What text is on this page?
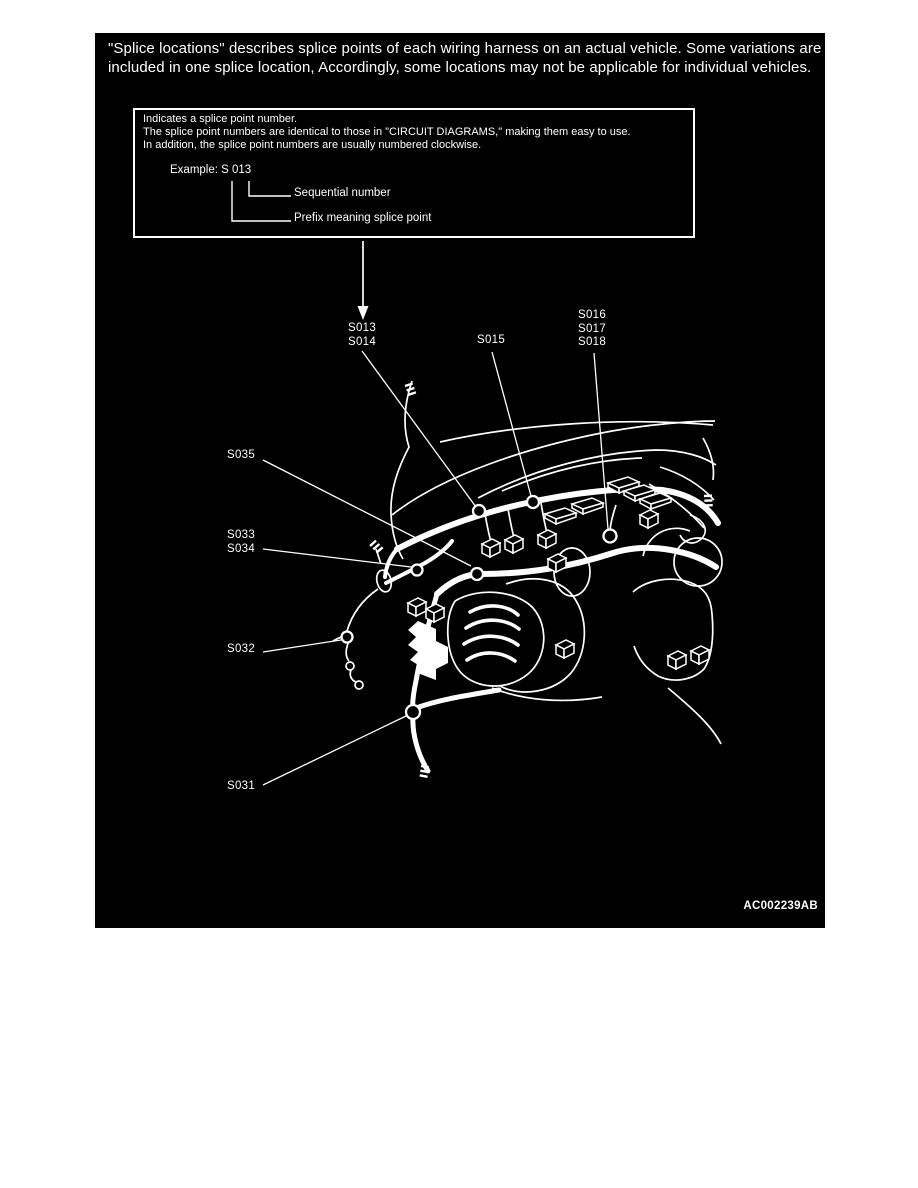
"Splice locations" describes splice points of each wiring harness on an actual vehicle. Some variations are
included in one splice location, Accordingly, some locations may not be applicable for individual vehicles.
Indicates a splice point number.
The splice point numbers are identical to those in "CIRCUIT DIAGRAMS," making them easy to use.
In addition, the splice point numbers are usually numbered clockwise.
Example: S 013
Sequential number
Prefix meaning splice point
S013
S014	S015
S016
S017
S018
S035
S033
S034
S032
S031
AC002239AB
